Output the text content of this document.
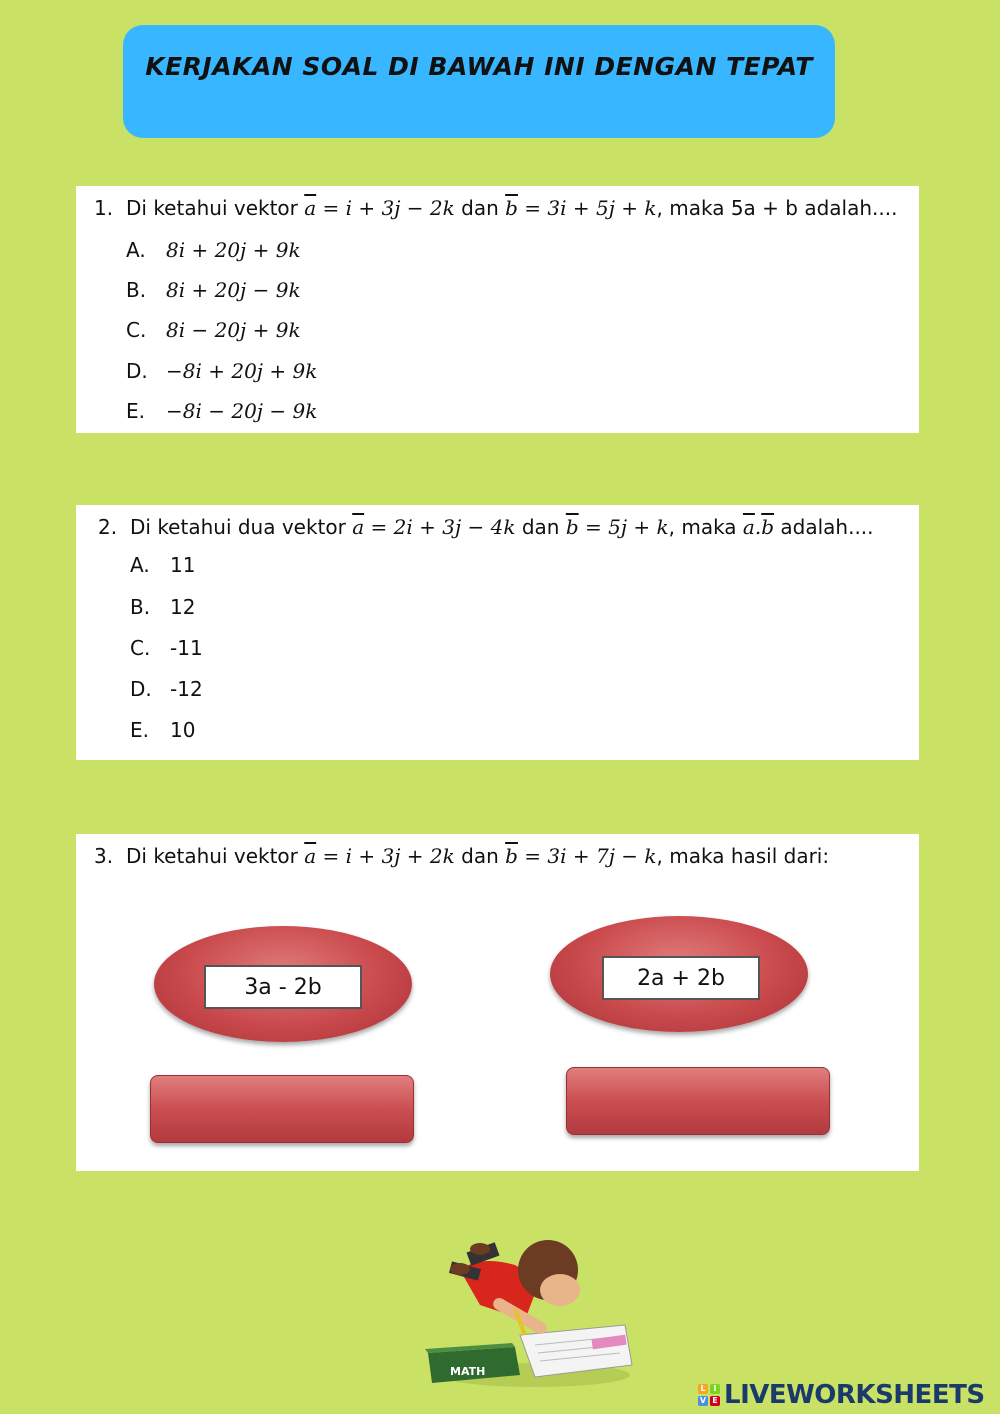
KERJAKAN SOAL DI BAWAH INI DENGAN TEPAT
1. Di ketahui vektor $\overline{a} = i + 3j - 2k$ dan $\overline{b} = 3i + 5j + k$, maka 5a + b adalah....
A. 8i + 20j + 9k
B. 8i + 20j − 9k
C. 8i − 20j + 9k
D. −8i + 20j + 9k
E. −8i − 20j − 9k
2. Di ketahui dua vektor $\overline{a} = 2i + 3j - 4k$ dan $\overline{b} = 5j + k$, maka $\overline{a}.\overline{b}$ adalah....
A. 11
B. 12
C. -11
D. -12
E. 10
3. Di ketahui vektor $\overline{a} = i + 3j + 2k$ dan $\overline{b} = 3i + 7j - k$, maka hasil dari:
3a - 2b	2a + 2b
MATH
L I
V E LIVEWORKSHEETS
